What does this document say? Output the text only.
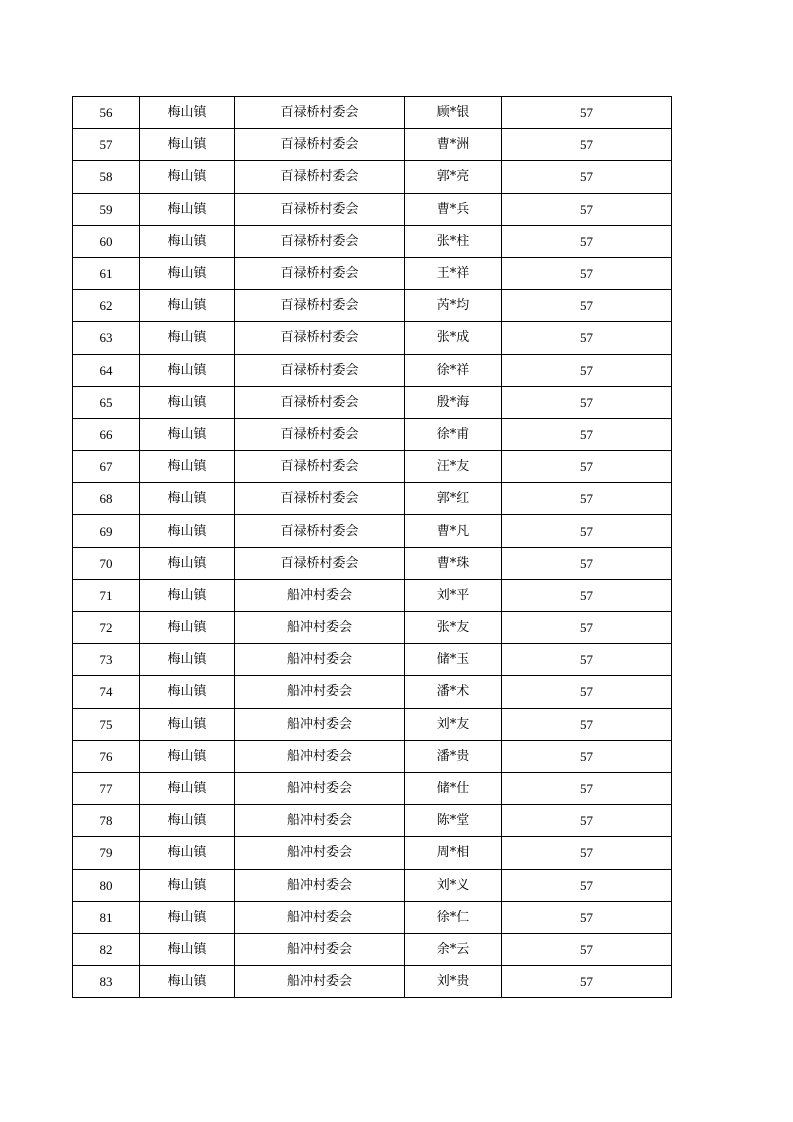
56	梅山镇	百禄桥村委会	顾*银	57
57	梅山镇	百禄桥村委会	曹*洲	57
58	梅山镇	百禄桥村委会	郭*亮	57
59	梅山镇	百禄桥村委会	曹*兵	57
60	梅山镇	百禄桥村委会	张*柱	57
61	梅山镇	百禄桥村委会	王*祥	57
62	梅山镇	百禄桥村委会	芮*均	57
63	梅山镇	百禄桥村委会	张*成	57
64	梅山镇	百禄桥村委会	徐*祥	57
65	梅山镇	百禄桥村委会	殷*海	57
66	梅山镇	百禄桥村委会	徐*甫	57
67	梅山镇	百禄桥村委会	汪*友	57
68	梅山镇	百禄桥村委会	郭*红	57
69	梅山镇	百禄桥村委会	曹*凡	57
70	梅山镇	百禄桥村委会	曹*珠	57
71	梅山镇	船冲村委会	刘*平	57
72	梅山镇	船冲村委会	张*友	57
73	梅山镇	船冲村委会	储*玉	57
74	梅山镇	船冲村委会	潘*术	57
75	梅山镇	船冲村委会	刘*友	57
76	梅山镇	船冲村委会	潘*贵	57
77	梅山镇	船冲村委会	储*仕	57
78	梅山镇	船冲村委会	陈*堂	57
79	梅山镇	船冲村委会	周*相	57
80	梅山镇	船冲村委会	刘*义	57
81	梅山镇	船冲村委会	徐*仁	57
82	梅山镇	船冲村委会	余*云	57
83	梅山镇	船冲村委会	刘*贵	57
